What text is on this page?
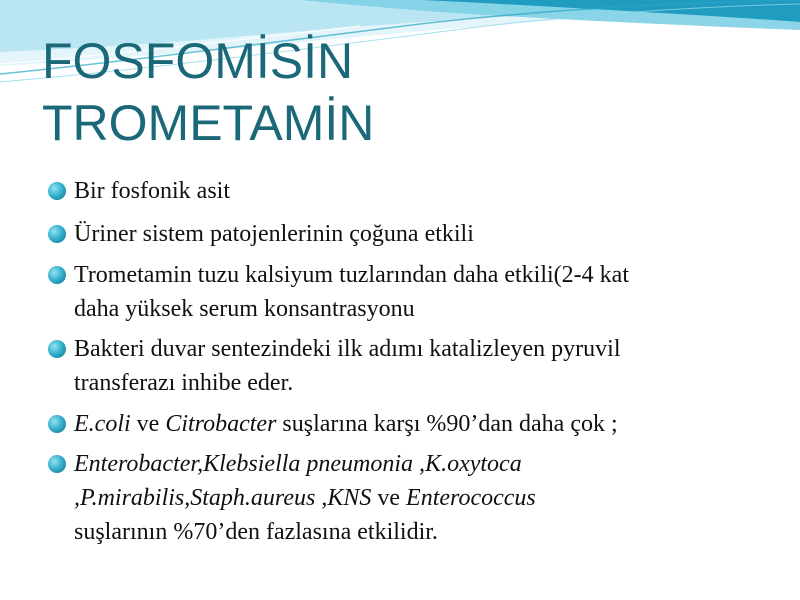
FOSFOMİSİN
TROMETAMİN
Bir fosfonik asit
Üriner sistem patojenlerinin çoğuna etkili
Trometamin tuzu kalsiyum tuzlarından daha etkili(2-4 kat
daha yüksek serum konsantrasyonu
Bakteri duvar sentezindeki ilk adımı katalizleyen pyruvil
transferazı inhibe eder.
E.coli ve Citrobacter suşlarına karşı %90’dan daha çok ;
Enterobacter,Klebsiella pneumonia ,K.oxytoca
,P.mirabilis,Staph.aureus ,KNS ve Enterococcus
suşlarının %70’den fazlasına etkilidir.
